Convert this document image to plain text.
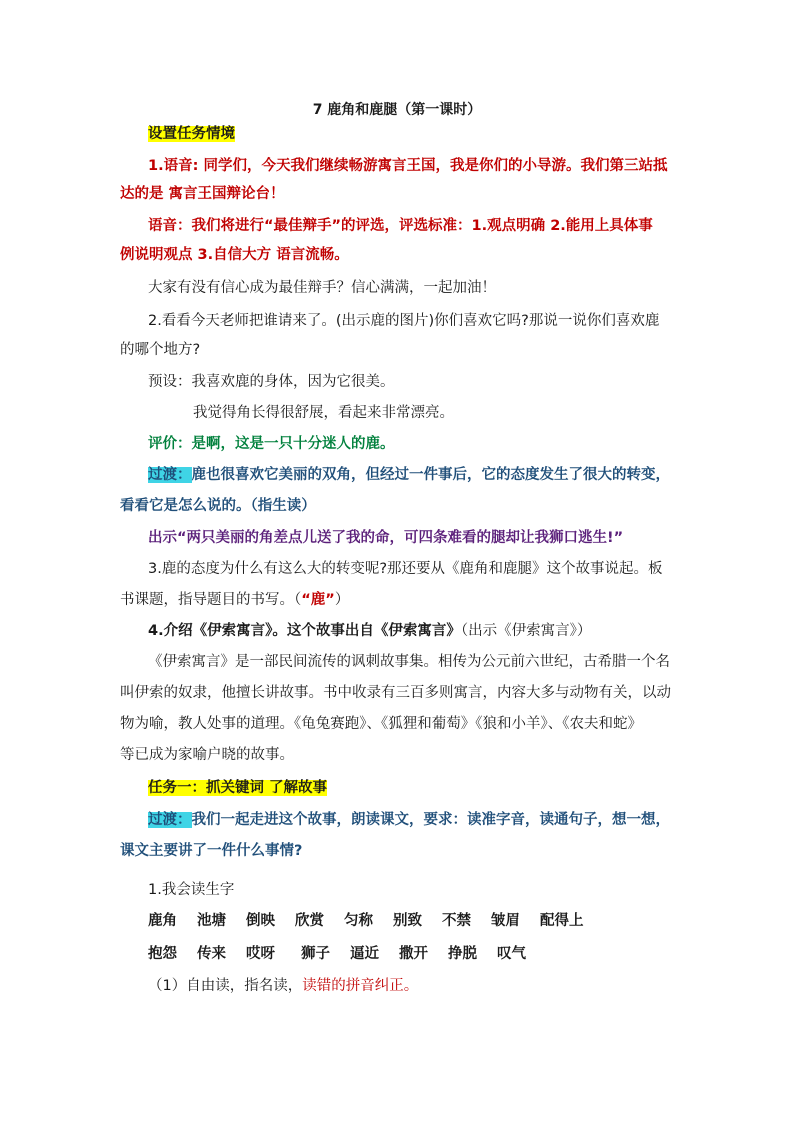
7 鹿角和鹿腿（第一课时）
设置任务情境
1.语音: 同学们，今天我们继续畅游寓言王国，我是你们的小导游。我们第三站抵
达的是 寓言王国辩论台！
语音：我们将进行“最佳辩手”的评选，评选标准：1.观点明确 2.能用上具体事
例说明观点 3.自信大方 语言流畅。
大家有没有信心成为最佳辩手？信心满满，一起加油！
2.看看今天老师把谁请来了。(出示鹿的图片)你们喜欢它吗?那说一说你们喜欢鹿
的哪个地方?
预设：我喜欢鹿的身体，因为它很美。
我觉得角长得很舒展，看起来非常漂亮。
评价：是啊，这是一只十分迷人的鹿。
过渡：鹿也很喜欢它美丽的双角，但经过一件事后，它的态度发生了很大的转变，
看看它是怎么说的。（指生读）
出示“两只美丽的角差点儿送了我的命，可四条难看的腿却让我狮口逃生!”
3.鹿的态度为什么有这么大的转变呢?那还要从《鹿角和鹿腿》这个故事说起。板
书课题，指导题目的书写。（“鹿”）
4.介绍《伊索寓言》。这个故事出自《伊索寓言》（出示《伊索寓言》）
《伊索寓言》是一部民间流传的讽刺故事集。相传为公元前六世纪，古希腊一个名
叫伊索的奴隶，他擅长讲故事。书中收录有三百多则寓言，内容大多与动物有关，以动
物为喻，教人处事的道理。《龟兔赛跑》、《狐狸和葡萄》《狼和小羊》、《农夫和蛇》
等已成为家喻户晓的故事。
任务一：抓关键词 了解故事
过渡：我们一起走进这个故事，朗读课文，要求：读准字音，读通句子，想一想，
课文主要讲了一件什么事情?
1.我会读生字
鹿角 池塘 倒映 欣赏 匀称 别致 不禁 皱眉 配得上
抱怨 传来 哎呀 狮子 逼近 撒开 挣脱 叹气
（1）自由读，指名读，读错的拼音纠正。
